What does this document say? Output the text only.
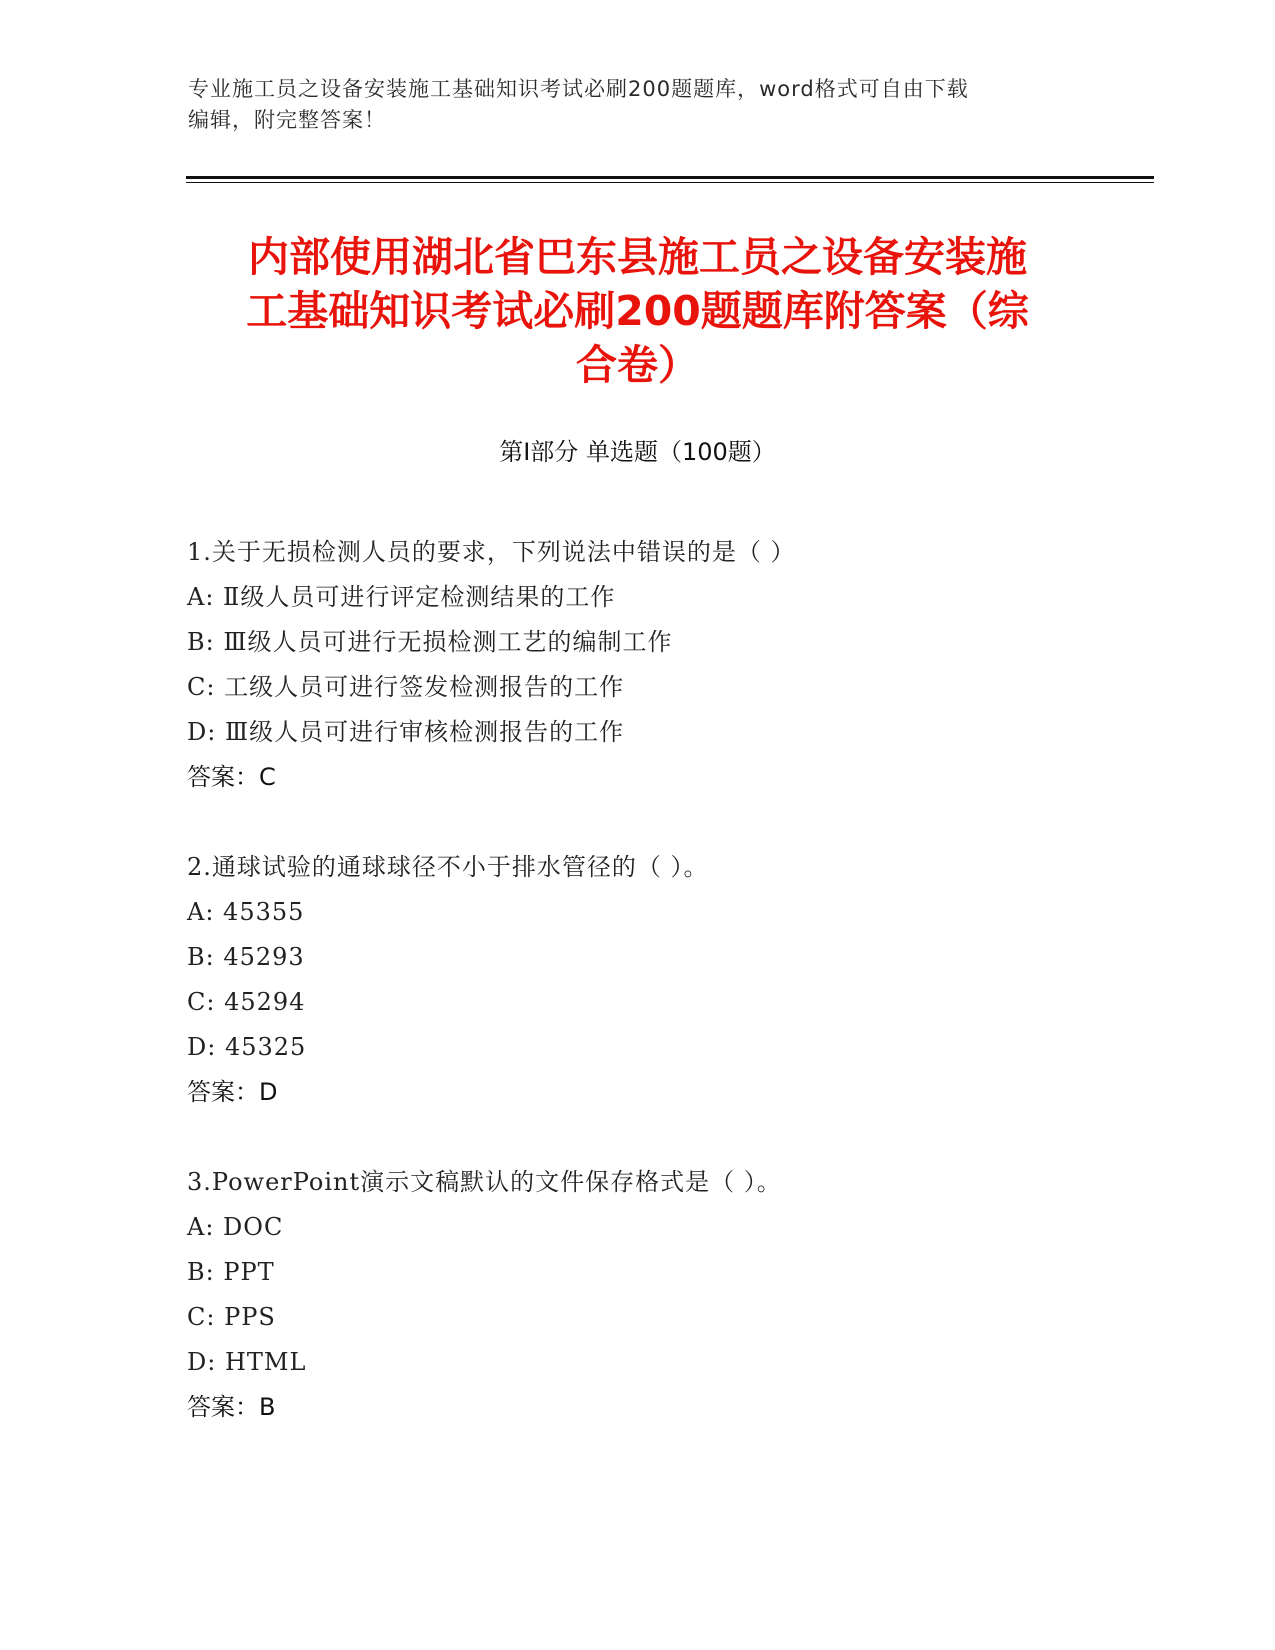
专业施工员之设备安装施工基础知识考试必刷200题题库，word格式可自由下载
编辑，附完整答案！
内部使用湖北省巴东县施工员之设备安装施
工基础知识考试必刷200题题库附答案（综
合卷）
第Ⅰ部分 单选题（100题）
1.关于无损检测人员的要求，下列说法中错误的是（ ）
A: Ⅱ级人员可进行评定检测结果的工作
B: Ⅲ级人员可进行无损检测工艺的编制工作
C: 工级人员可进行签发检测报告的工作
D: Ⅲ级人员可进行审核检测报告的工作
答案：C
2.通球试验的通球球径不小于排水管径的（ ）。
A: 45355
B: 45293
C: 45294
D: 45325
答案：D
3.PowerPoint演示文稿默认的文件保存格式是（ ）。
A: DOC
B: PPT
C: PPS
D: HTML
答案：B
